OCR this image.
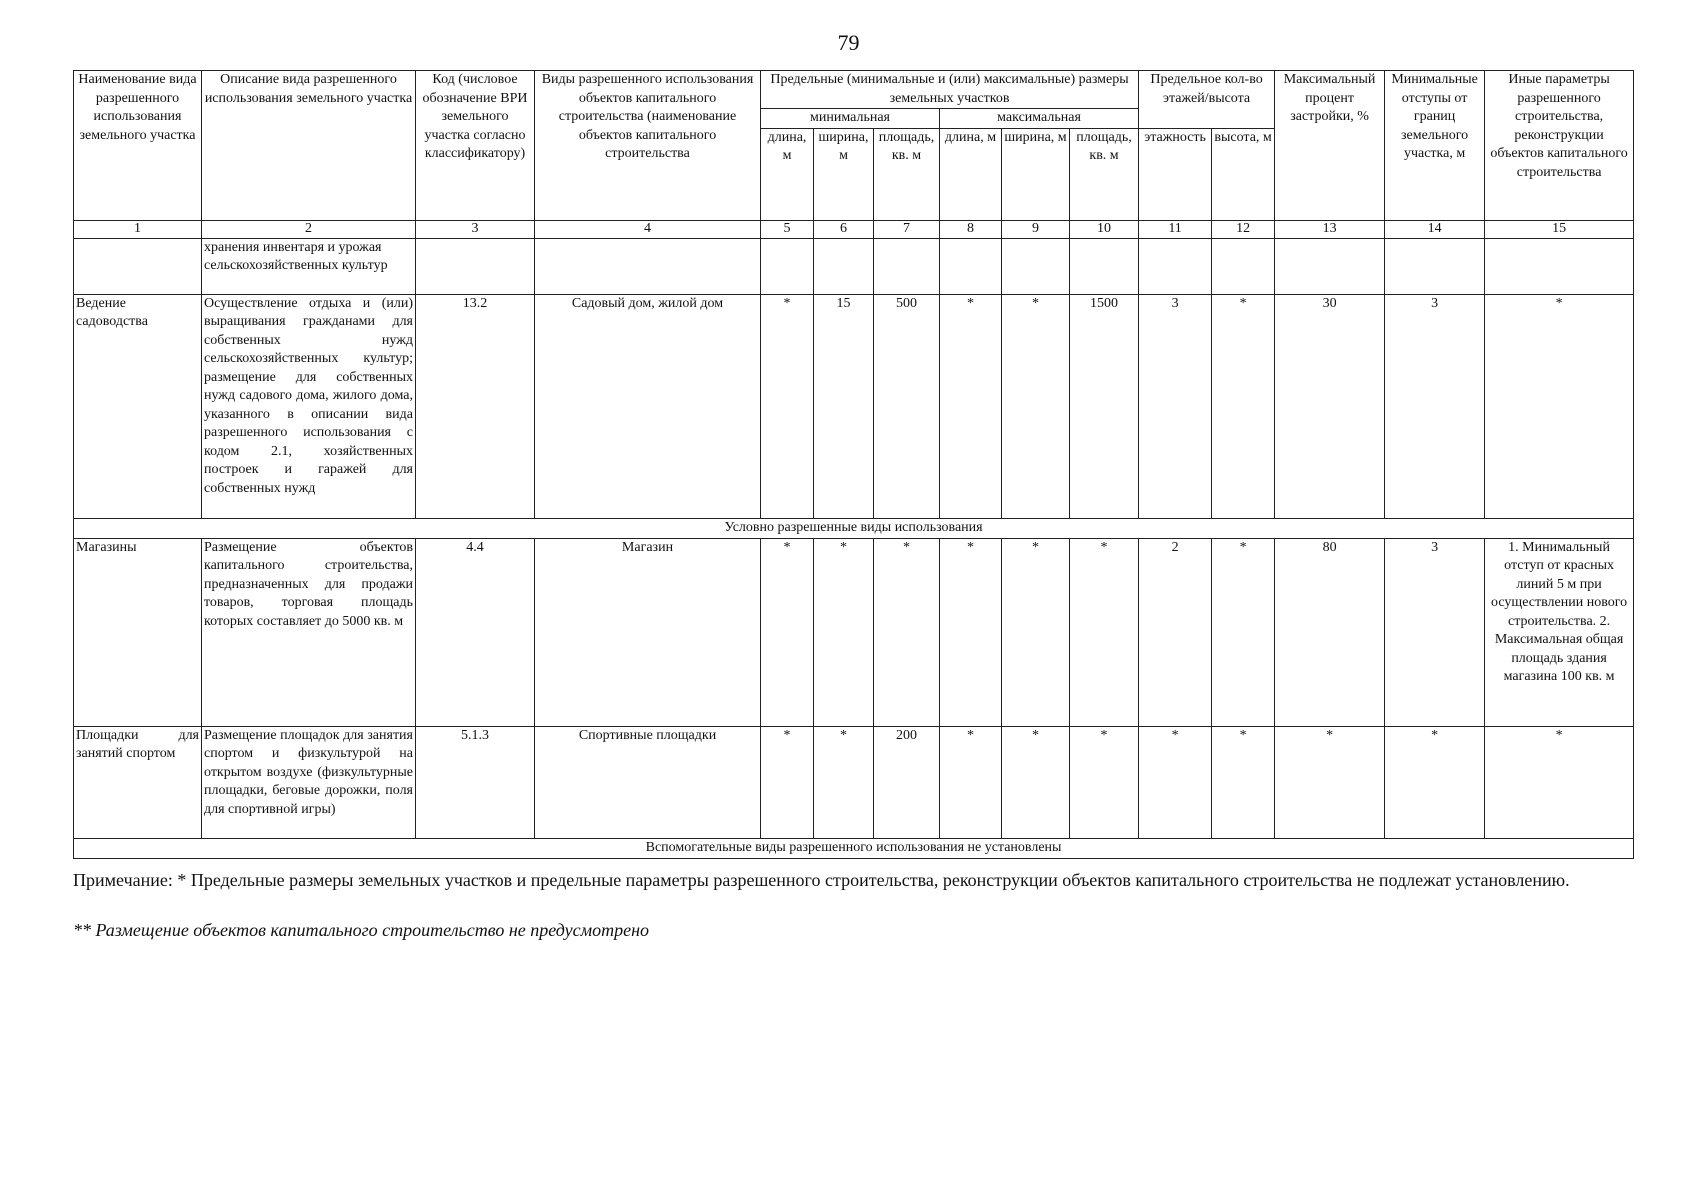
79
Наименование вида разрешенного использования земельного участка	Описание вида разрешенного использования земельного участка	Код (числовое обозначение ВРИ земельного участка согласно классификатору)	Виды разрешенного использования объектов капитального строительства (наименование объектов капитального строительства	Предельные (минимальные и (или) максимальные) размеры земельных участков						Предельное кол-во этажей/высота		Максимальный процент застройки, %	Минимальные отступы от границ земельного участка, м	Иные параметры разрешенного строительства, реконструкции объектов капитального строительства
				минимальная			максимальная							
				длина, м	ширина, м	площадь, кв. м	длина, м	ширина, м	площадь, кв. м	этажность	высота, м			
1	2	3	4	5	6	7	8	9	10	11	12	13	14	15
	хранения инвентаря и урожая сельскохозяйственных культур													
Ведение садоводства	Осуществление отдыха и (или) выращивания гражданами для собственных нужд сельскохозяйственных культур; размещение для собственных нужд садового дома, жилого дома, указанного в описании вида разрешенного использования с кодом 2.1, хозяйственных построек и гаражей для собственных нужд	13.2	Садовый дом, жилой дом	*	15	500	*	*	1500	3	*	30	3	*
Условно разрешенные виды использования														
Магазины	Размещение объектов капитального строительства, предназначенных для продажи товаров, торговая площадь которых составляет до 5000 кв. м	4.4	Магазин	*	*	*	*	*	*	2	*	80	3	1. Минимальный отступ от красных линий 5 м при осуществлении нового строительства. 2. Максимальная общая площадь здания магазина 100 кв. м
Площадки для занятий спортом	Размещение площадок для занятия спортом и физкультурой на открытом воздухе (физкультурные площадки, беговые дорожки, поля для спортивной игры)	5.1.3	Спортивные площадки	*	*	200	*	*	*	*	*	*	*	*
Вспомогательные виды разрешенного использования не установлены														
Примечание: * Предельные размеры земельных участков и предельные параметры разрешенного строительства, реконструкции объектов капитального строительства не подлежат установлению.
** Размещение объектов капитального строительство не предусмотрено
